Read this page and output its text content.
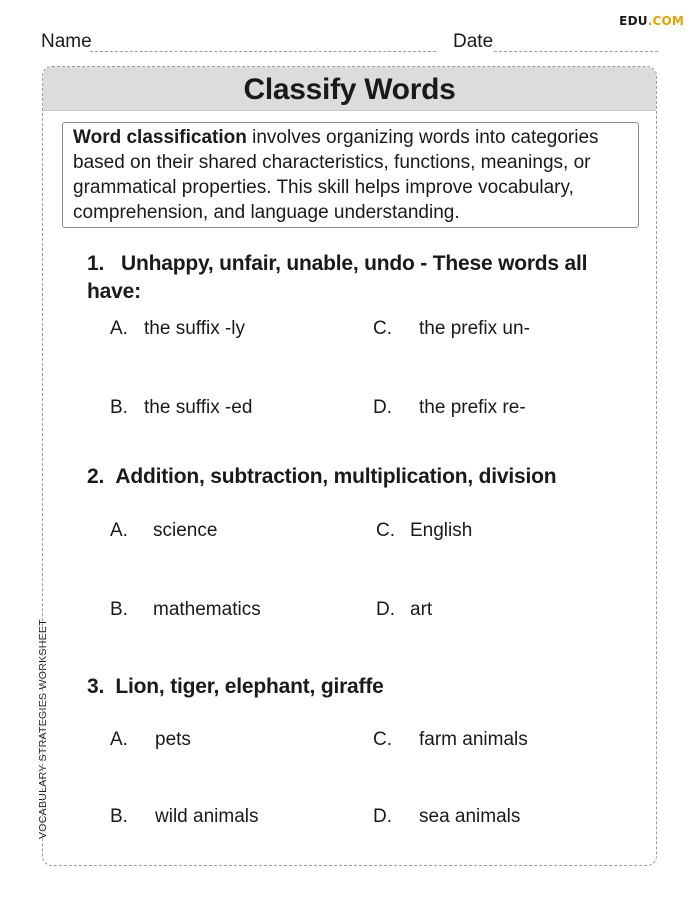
EDU.COM
Name	Date
VOCABULARY STRATEGIES WORKSHEET
Classify Words
Word classification involves organizing words into categories based on their shared characteristics, functions, meanings, or grammatical properties. This skill helps improve vocabulary, comprehension, and language understanding.
1. Unhappy, unfair, unable, undo - These words all have:
A. the suffix -ly	C. the prefix un-
B. the suffix -ed	D. the prefix re-
2. Addition, subtraction, multiplication, division
A. science	C. English
B. mathematics	D. art
3. Lion, tiger, elephant, giraffe
A. pets	C. farm animals
B. wild animals	D. sea animals
